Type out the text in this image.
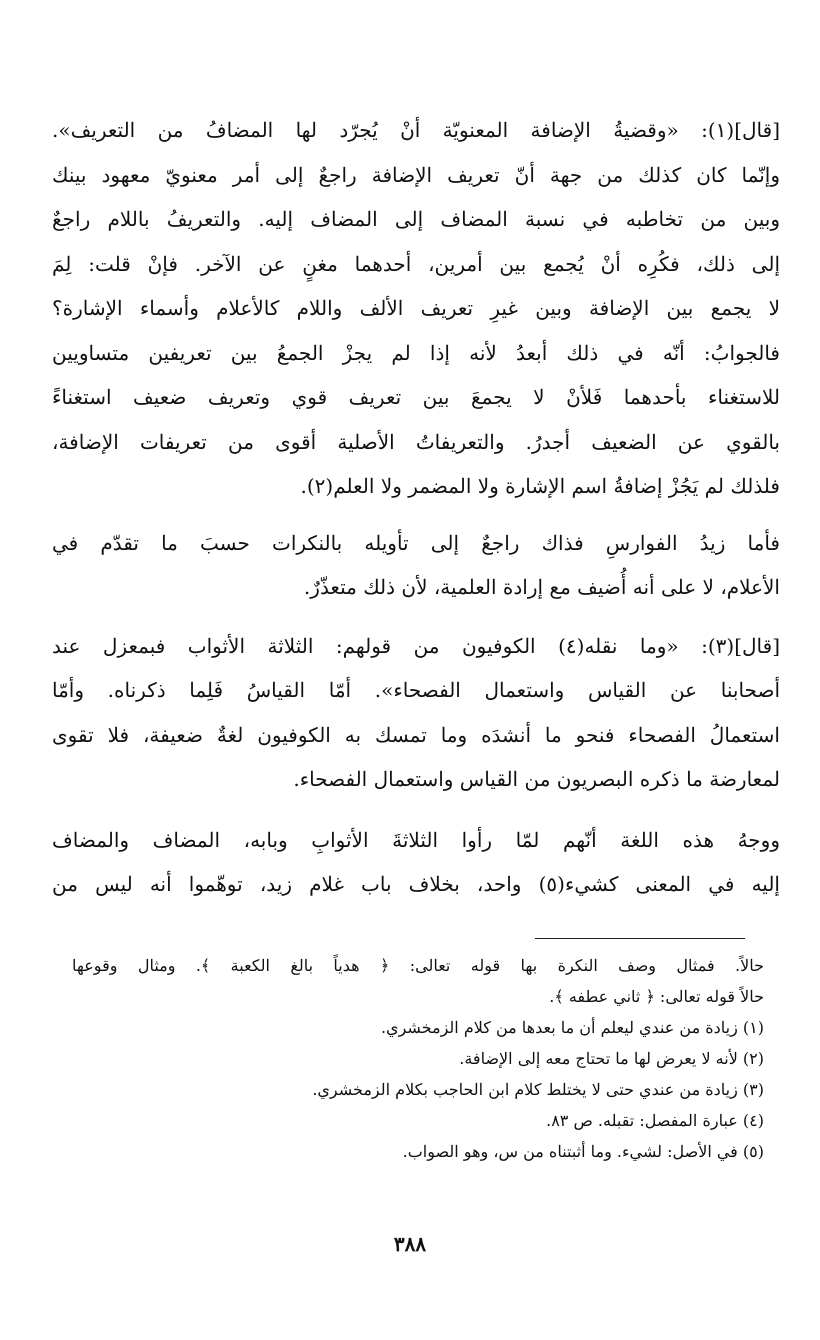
[قال](١): «وقضيةُ الإضافة المعنويّة أنْ يُجرّد لها المضافُ من التعريف».
وإنّما كان كذلك من جهة أنّ تعريف الإضافة راجعٌ إلى أمر معنويّ معهود بينك
وبين من تخاطبه في نسبة المضاف إلى المضاف إليه. والتعريفُ باللام راجعٌ
إلى ذلك، فكُرِه أنْ يُجمع بين أمرين، أحدهما مغنٍ عن الآخر. فإنْ قلت: لِمَ
لا يجمع بين الإضافة وبين غيرِ تعريف الألف واللام كالأعلام وأسماء الإشارة؟
فالجوابُ: أنّه في ذلك أبعدُ لأنه إذا لم يجزْ الجمعُ بين تعريفين متساويين
للاستغناء بأحدهما فَلأنْ لا يجمعَ بين تعريف قوي وتعريف ضعيف استغناءً
بالقوي عن الضعيف أجدرُ. والتعريفاتُ الأصلية أقوى من تعريفات الإضافة،
فلذلك لم يَجُزْ إضافةُ اسم الإشارة ولا المضمر ولا العلم(٢).

فأما زيدُ الفوارسِ فذاك راجعٌ إلى تأويله بالنكرات حسبَ ما تقدّم في
الأعلام، لا على أنه أُضيف مع إرادة العلمية، لأن ذلك متعذّرٌ.

[قال](٣): «وما نقله(٤) الكوفيون من قولهم: الثلاثة الأثواب فبمعزل عند
أصحابنا عن القياس واستعمال الفصحاء». أمّا القياسُ فَلِما ذكرناه. وأمّا
استعمالُ الفصحاء فنحو ما أنشدَه وما تمسك به الكوفيون لغةٌ ضعيفة، فلا تقوى
لمعارضة ما ذكره البصريون من القياس واستعمال الفصحاء.

ووجهُ هذه اللغة أنّهم لمّا رأوا الثلاثةَ الأثوابِ وبابه، المضاف والمضاف
إليه في المعنى كشيء(٥) واحد، بخلاف باب غلام زيد، توهّموا أنه ليس من

حالاً. فمثال وصف النكرة بها قوله تعالى: ﴿ هدياً بالغ الكعبة ﴾. ومثال وقوعها

حالاً قوله تعالى: ﴿ ثاني عطفه ﴾.

(١) زيادة من عندي ليعلم أن ما بعدها من كلام الزمخشري.

(٢) لأنه لا يعرض لها ما تحتاج معه إلى الإضافة.

(٣) زيادة من عندي حتى لا يختلط كلام ابن الحاجب بكلام الزمخشري.

(٤) عبارة المفصل: تقبله. ص ٨٣.

(٥) في الأصل: لشيء. وما أثبتناه من س، وهو الصواب.

٣٨٨
